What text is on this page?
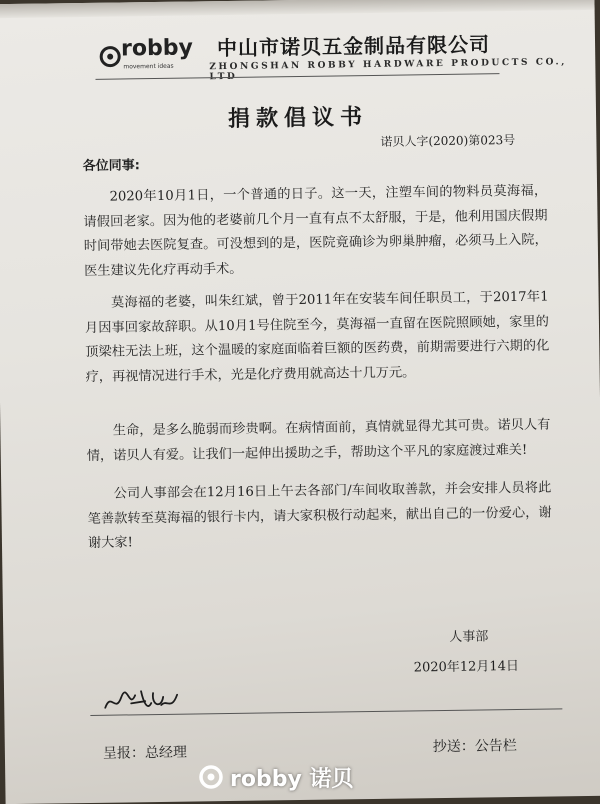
robby
movement ideas
中山市诺贝五金制品有限公司
ZHONGSHAN ROBBY HARDWARE PRODUCTS CO., LTD
捐款倡议书
诺贝人字(2020)第023号
各位同事:
2020年10月1日，一个普通的日子。这一天，注塑车间的物料员莫海福，请假回老家。因为他的老婆前几个月一直有点不太舒服，于是，他利用国庆假期时间带她去医院复查。可没想到的是，医院竟确诊为卵巢肿瘤，必须马上入院，医生建议先化疗再动手术。
莫海福的老婆，叫朱红斌，曾于2011年在安装车间任职员工，于2017年1月因事回家故辞职。从10月1号住院至今，莫海福一直留在医院照顾她，家里的顶梁柱无法上班，这个温暖的家庭面临着巨额的医药费，前期需要进行六期的化疗，再视情况进行手术，光是化疗费用就高达十几万元。
生命，是多么脆弱而珍贵啊。在病情面前，真情就显得尤其可贵。诺贝人有情，诺贝人有爱。让我们一起伸出援助之手，帮助这个平凡的家庭渡过难关!
公司人事部会在12月16日上午去各部门/车间收取善款，并会安排人员将此笔善款转至莫海福的银行卡内，请大家积极行动起来，献出自己的一份爱心，谢谢大家!
人事部
2020年12月14日
呈报：总经理	抄送：公告栏
robby 诺贝
